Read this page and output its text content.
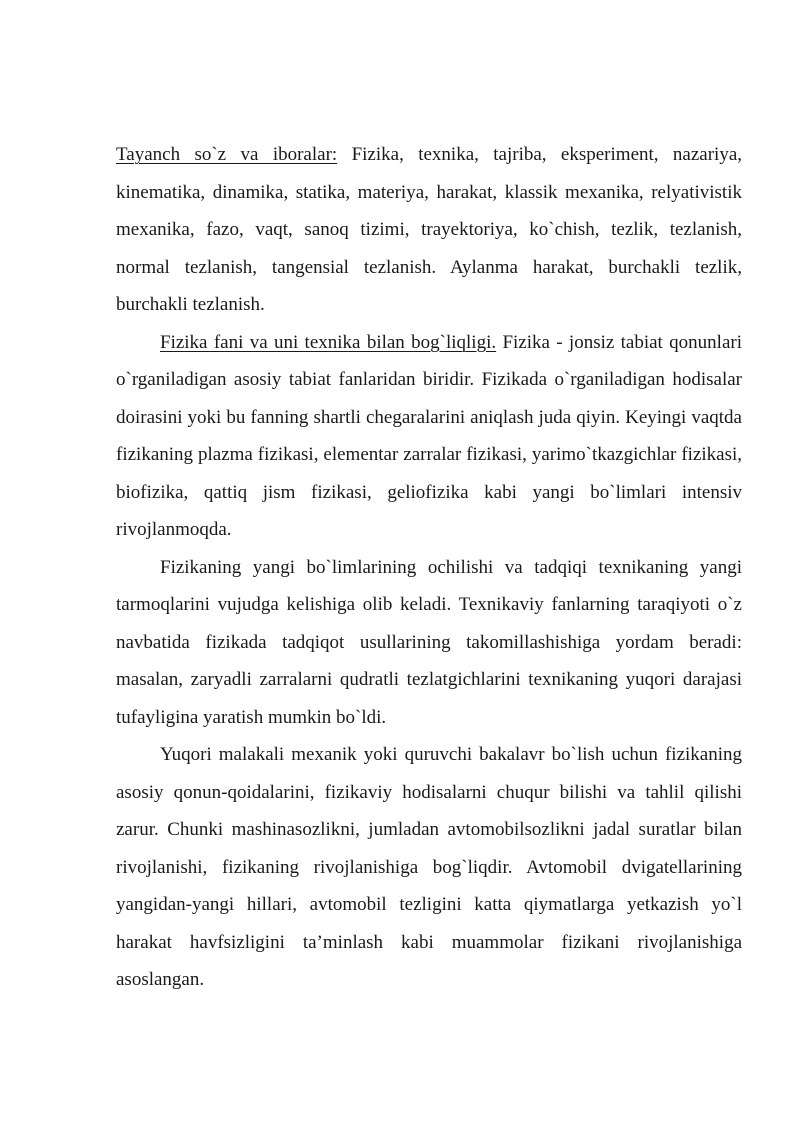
Tayanch so`z va iboralar: Fizika, texnika, tajriba, eksperiment, nazariya, kinematika, dinamika, statika, materiya, harakat, klassik mexanika, relyativistik mexanika, fazo, vaqt, sanoq tizimi, trayektoriya, ko`chish, tezlik, tezlanish, normal tezlanish, tangensial tezlanish. Aylanma harakat, burchakli tezlik, burchakli tezlanish.

Fizika fani va uni texnika bilan bog`liqligi. Fizika - jonsiz tabiat qonunlari o`rganiladigan asosiy tabiat fanlaridan biridir. Fizikada o`rganiladigan hodisalar doirasini yoki bu fanning shartli chegaralarini aniqlash juda qiyin. Keyingi vaqtda fizikaning plazma fizikasi, elementar zarralar fizikasi, yarimo`tkazgichlar fizikasi, biofizika, qattiq jism fizikasi, geliofizika kabi yangi bo`limlari intensiv rivojlanmoqda.

Fizikaning yangi bo`limlarining ochilishi va tadqiqi texnikaning yangi tarmoqlarini vujudga kelishiga olib keladi. Texnikaviy fanlarning taraqiyoti o`z navbatida fizikada tadqiqot usullarining takomillashishiga yordam beradi: masalan, zaryadli zarralarni qudratli tezlatgichlarini texnikaning yuqori darajasi tufayligina yaratish mumkin bo`ldi.

Yuqori malakali mexanik yoki quruvchi bakalavr bo`lish uchun fizikaning asosiy qonun-qoidalarini, fizikaviy hodisalarni chuqur bilishi va tahlil qilishi zarur. Chunki mashinasozlikni, jumladan avtomobilsozlikni jadal suratlar bilan rivojlanishi, fizikaning rivojlanishiga bog`liqdir. Avtomobil dvigatellarining yangidan-yangi hillari, avtomobil tezligini katta qiymatlarga yetkazish yo`l harakat havfsizligini ta’minlash kabi muammolar fizikani rivojlanishiga asoslangan.
